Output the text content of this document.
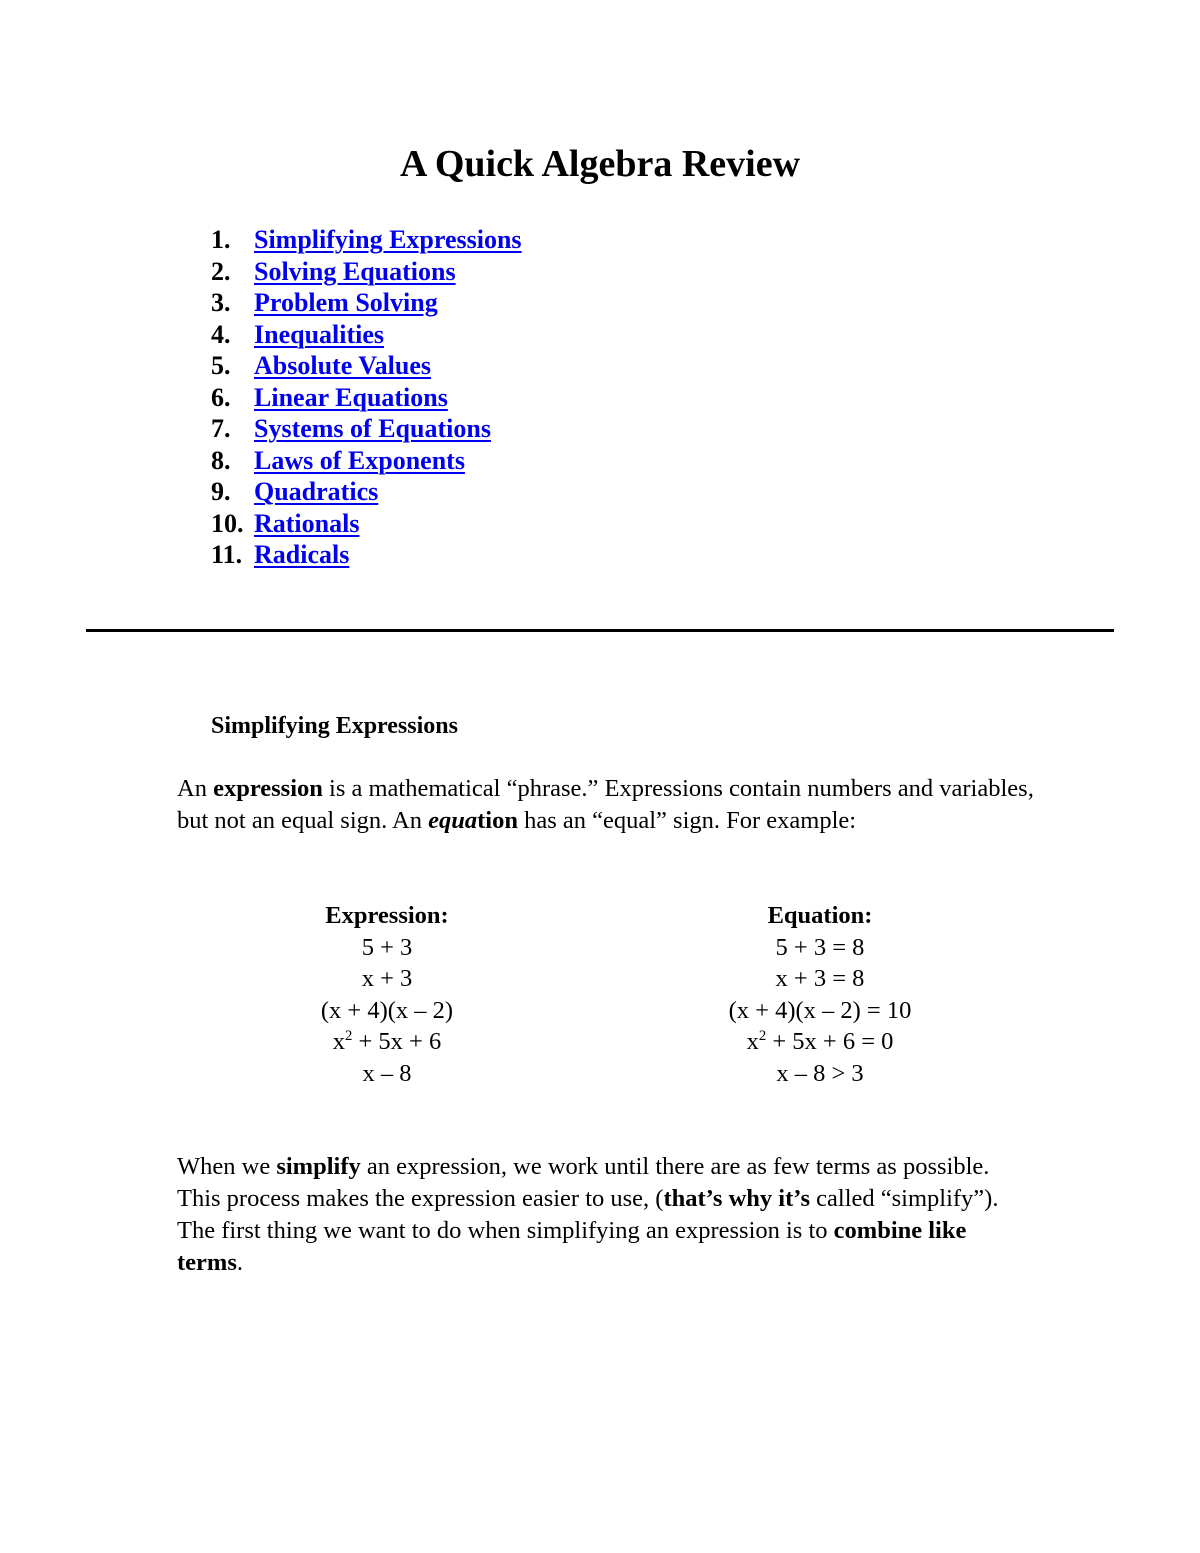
A Quick Algebra Review
1. Simplifying Expressions
2. Solving Equations
3. Problem Solving
4. Inequalities
5. Absolute Values
6. Linear Equations
7. Systems of Equations
8. Laws of Exponents
9. Quadratics
10. Rationals
11. Radicals
Simplifying Expressions

An expression is a mathematical “phrase.” Expressions contain numbers and variables, but not an equal sign. An equation has an “equal” sign. For example:

Expression:
5 + 3
x + 3
(x + 4)(x – 2)
$x^2 + 5x + 6$
x – 8
Equation:
5 + 3 = 8
x + 3 = 8
(x + 4)(x – 2) = 10
$x^2 + 5x + 6 = 0$
x – 8 > 3

When we simplify an expression, we work until there are as few terms as possible. This process makes the expression easier to use, (that’s why it’s called “simplify”). The first thing we want to do when simplifying an expression is to combine like terms.
